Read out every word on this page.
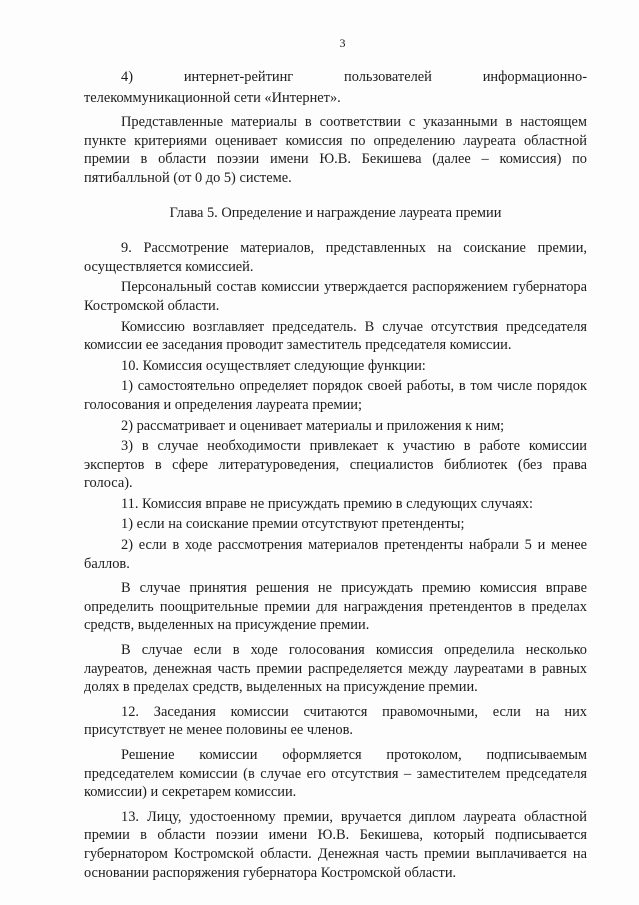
3

4) интернет-рейтинг пользователей информационно-

телекоммуникационной сети «Интернет».

Представленные материалы в соответствии с указанными в настоящем пункте критериями оценивает комиссия по определению лауреата областной премии в области поэзии имени Ю.В. Бекишева (далее – комиссия) по пятибалльной (от 0 до 5) системе.

Глава 5. Определение и награждение лауреата премии

9. Рассмотрение материалов, представленных на соискание премии, осуществляется комиссией.

Персональный состав комиссии утверждается распоряжением губернатора Костромской области.

Комиссию возглавляет председатель. В случае отсутствия председателя комиссии ее заседания проводит заместитель председателя комиссии.

10. Комиссия осуществляет следующие функции:

1) самостоятельно определяет порядок своей работы, в том числе порядок голосования и определения лауреата премии;

2) рассматривает и оценивает материалы и приложения к ним;

3) в случае необходимости привлекает к участию в работе комиссии экспертов в сфере литературоведения, специалистов библиотек (без права голоса).

11. Комиссия вправе не присуждать премию в следующих случаях:

1) если на соискание премии отсутствуют претенденты;

2) если в ходе рассмотрения материалов претенденты набрали 5 и менее баллов.

В случае принятия решения не присуждать премию комиссия вправе определить поощрительные премии для награждения претендентов в пределах средств, выделенных на присуждение премии.

В случае если в ходе голосования комиссия определила несколько лауреатов, денежная часть премии распределяется между лауреатами в равных долях в пределах средств, выделенных на присуждение премии.

12. Заседания комиссии считаются правомочными, если на них присутствует не менее половины ее членов.

Решение комиссии оформляется протоколом, подписываемым председателем комиссии (в случае его отсутствия – заместителем председателя комиссии) и секретарем комиссии.

13. Лицу, удостоенному премии, вручается диплом лауреата областной премии в области поэзии имени Ю.В. Бекишева, который подписывается губернатором Костромской области. Денежная часть премии выплачивается на основании распоряжения губернатора Костромской области.
